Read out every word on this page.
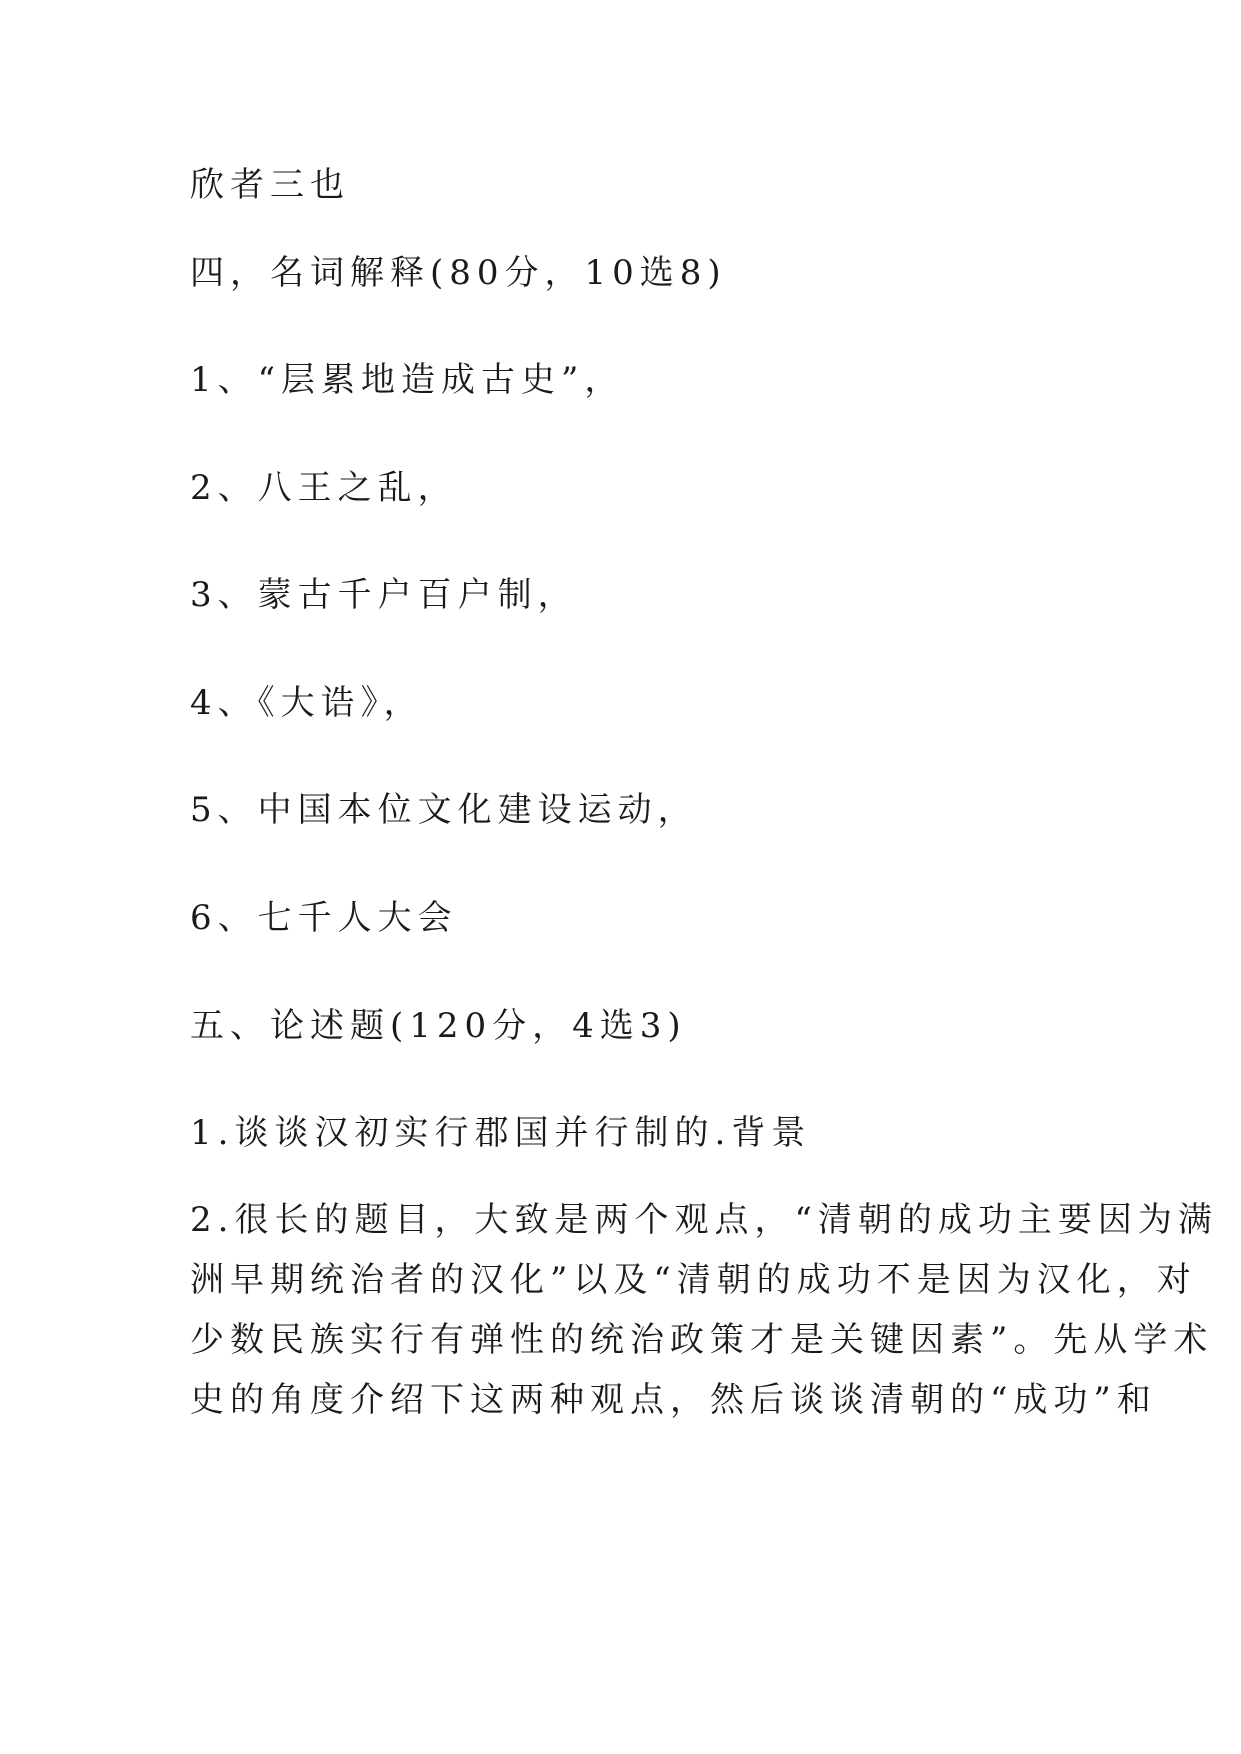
欣者三也
四，名词解释(80分，10选8)
1、“层累地造成古史”，
2、八王之乱，
3、蒙古千户百户制，
4、《大诰》，
5、中国本位文化建设运动，
6、七千人大会
五、论述题(120分，4选3)
1.谈谈汉初实行郡国并行制的.背景
2.很长的题目，大致是两个观点，“清朝的成功主要因为满
洲早期统治者的汉化”以及“清朝的成功不是因为汉化，对
少数民族实行有弹性的统治政策才是关键因素”。先从学术
史的角度介绍下这两种观点，然后谈谈清朝的“成功”和
